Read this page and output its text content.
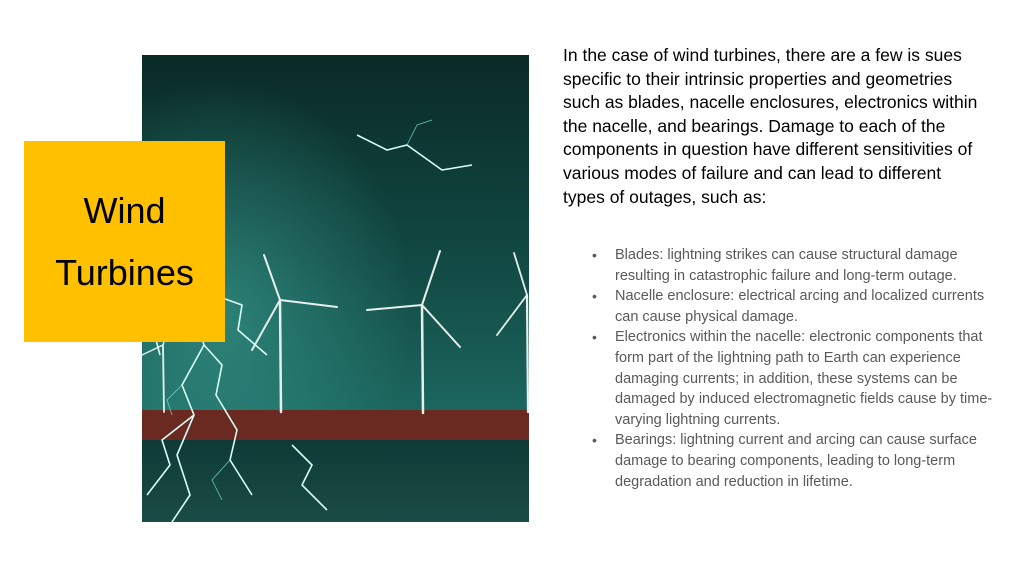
Wind
Turbines

In the case of wind turbines, there are a few is sues specific to their intrinsic properties and geometries such as blades, nacelle enclosures, electronics within the nacelle, and bearings. Damage to each of the components in question have different sensitivities of various modes of failure and can lead to different types of outages, such as:

• Blades: lightning strikes can cause structural damage resulting in catastrophic failure and long-term outage.
• Nacelle enclosure: electrical arcing and localized currents can cause physical damage.
• Electronics within the nacelle: electronic components that form part of the lightning path to Earth can experience damaging currents; in addition, these systems can be damaged by induced electromagnetic fields cause by time-varying lightning currents.
• Bearings: lightning current and arcing can cause surface damage to bearing components, leading to long-term degradation and reduction in lifetime.
